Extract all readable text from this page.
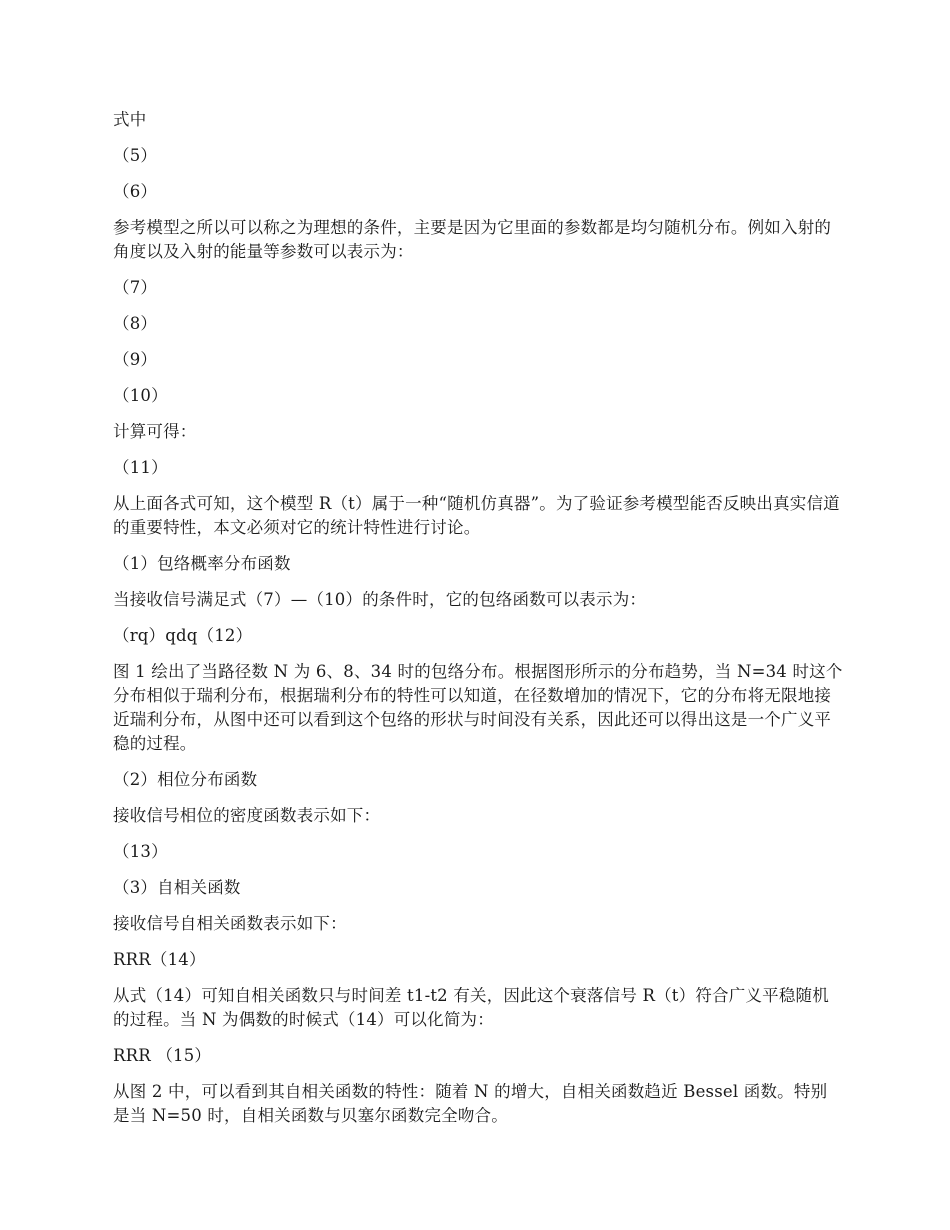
式中

（5）

（6）

参考模型之所以可以称之为理想的条件，主要是因为它里面的参数都是均匀随机分布。例如入射的角度以及入射的能量等参数可以表示为：

（7）

（8）

（9）

（10）

计算可得：

（11）

从上面各式可知，这个模型 R（t）属于一种“随机仿真器”。为了验证参考模型能否反映出真实信道的重要特性，本文必须对它的统计特性进行讨论。

（1）包络概率分布函数

当接收信号满足式（7）—（10）的条件时，它的包络函数可以表示为：

（rq）qdq（12）

图 1 绘出了当路径数 N 为 6、8、34 时的包络分布。根据图形所示的分布趋势，当 N=34 时这个分布相似于瑞利分布，根据瑞利分布的特性可以知道，在径数增加的情况下，它的分布将无限地接近瑞利分布，从图中还可以看到这个包络的形状与时间没有关系，因此还可以得出这是一个广义平稳的过程。

（2）相位分布函数

接收信号相位的密度函数表示如下：

（13）

（3）自相关函数

接收信号自相关函数表示如下：

RRR（14）

从式（14）可知自相关函数只与时间差 t1-t2 有关，因此这个衰落信号 R（t）符合广义平稳随机的过程。当 N 为偶数的时候式（14）可以化简为：

RRR （15）

从图 2 中，可以看到其自相关函数的特性：随着 N 的增大，自相关函数趋近 Bessel 函数。特别是当 N=50 时，自相关函数与贝塞尔函数完全吻合。
